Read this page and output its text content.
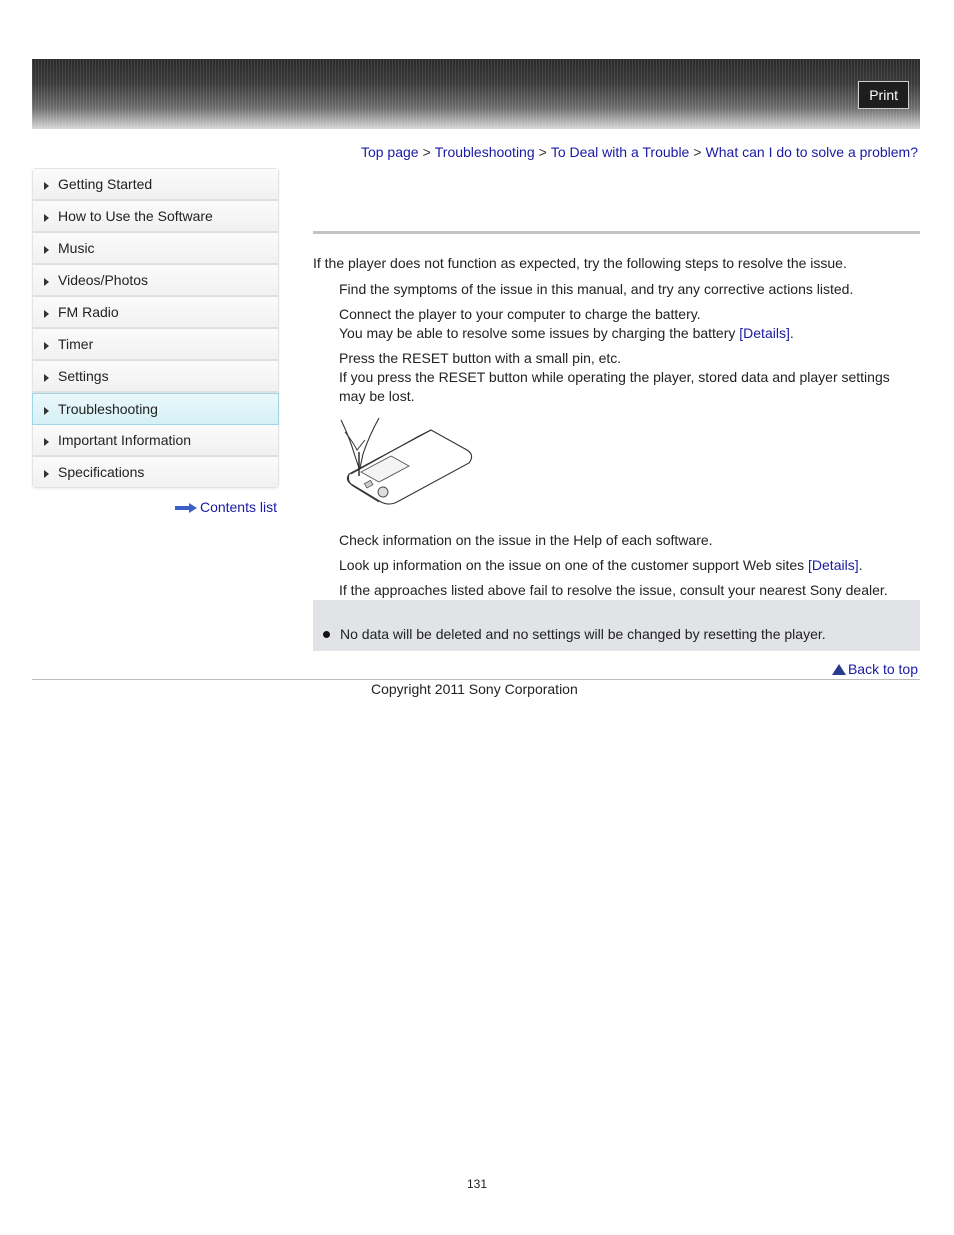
Print
Top page > Troubleshooting > To Deal with a Trouble > What can I do to solve a problem?
Getting Started
How to Use the Software
Music
Videos/Photos
FM Radio
Timer
Settings
Troubleshooting
Important Information
Specifications
Contents list
If the player does not function as expected, try the following steps to resolve the issue.

Find the symptoms of the issue in this manual, and try any corrective actions listed.

Connect the player to your computer to charge the battery.

You may be able to resolve some issues by charging the battery [Details].

Press the RESET button with a small pin, etc.

If you press the RESET button while operating the player, stored data and player settings may be lost.

Check information on the issue in the Help of each software.

Look up information on the issue on one of the customer support Web sites [Details].

If the approaches listed above fail to resolve the issue, consult your nearest Sony dealer.

No data will be deleted and no settings will be changed by resetting the player.
Back to top
Copyright 2011 Sony Corporation
131
